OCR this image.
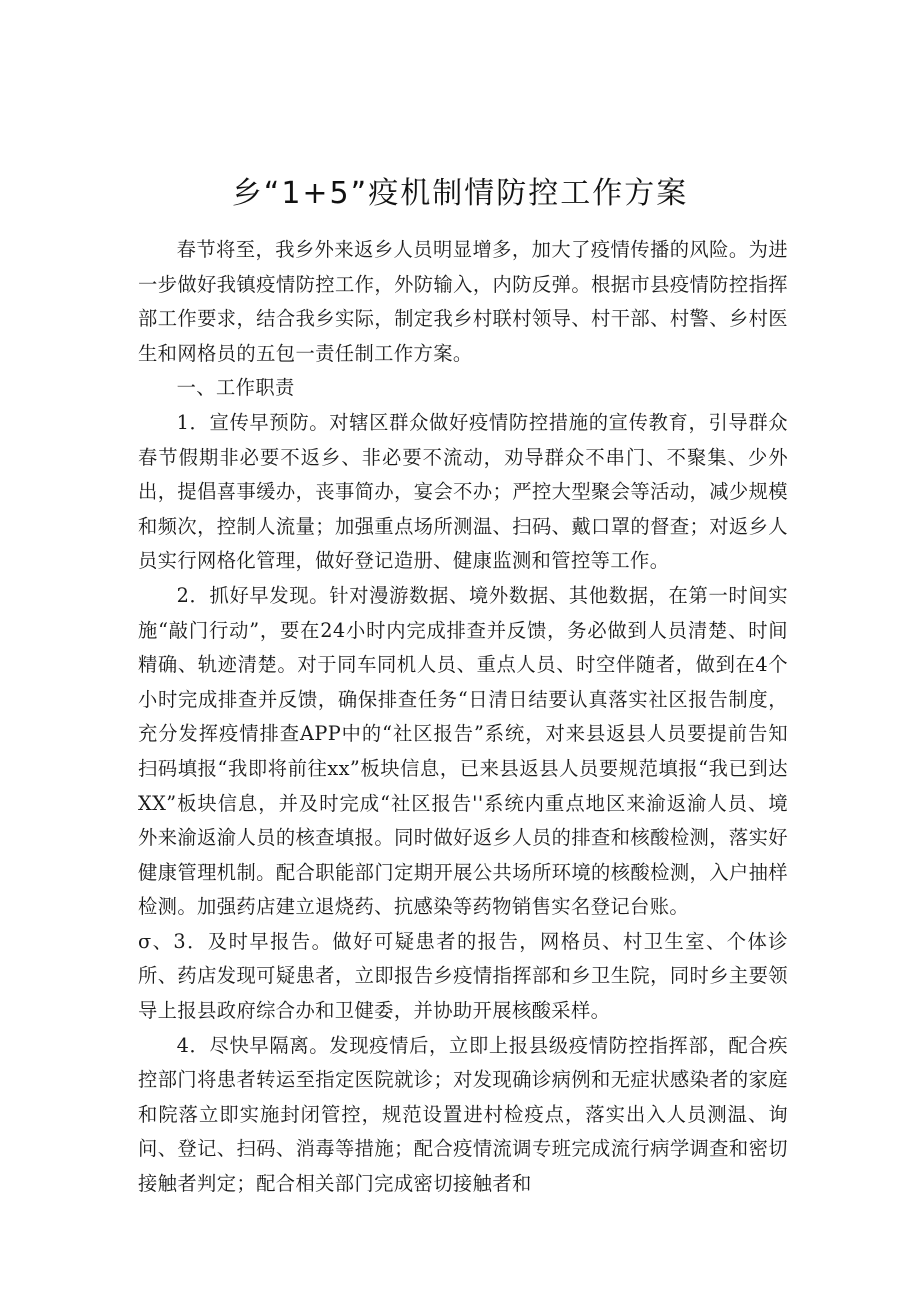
乡“1+5”疫机制情防控工作方案

春节将至，我乡外来返乡人员明显增多，加大了疫情传播的风险。为进一步做好我镇疫情防控工作，外防输入，内防反弹。根据市县疫情防控指挥部工作要求，结合我乡实际，制定我乡村联村领导、村干部、村警、乡村医生和网格员的五包一责任制工作方案。

一、工作职责

1．宣传早预防。对辖区群众做好疫情防控措施的宣传教育，引导群众春节假期非必要不返乡、非必要不流动，劝导群众不串门、不聚集、少外出，提倡喜事缓办，丧事简办，宴会不办；严控大型聚会等活动，减少规模和频次，控制人流量；加强重点场所测温、扫码、戴口罩的督查；对返乡人员实行网格化管理，做好登记造册、健康监测和管控等工作。

2．抓好早发现。针对漫游数据、境外数据、其他数据，在第一时间实施“敲门行动”，要在24小时内完成排查并反馈，务必做到人员清楚、时间精确、轨迹清楚。对于同车同机人员、重点人员、时空伴随者，做到在4个小时完成排查并反馈，确保排查任务“日清日结要认真落实社区报告制度，充分发挥疫情排查APP中的“社区报告”系统，对来县返县人员要提前告知扫码填报“我即将前往xx”板块信息，已来县返县人员要规范填报“我已到达XX”板块信息，并及时完成“社区报告''系统内重点地区来渝返渝人员、境外来渝返渝人员的核查填报。同时做好返乡人员的排查和核酸检测，落实好健康管理机制。配合职能部门定期开展公共场所环境的核酸检测，入户抽样检测。加强药店建立退烧药、抗感染等药物销售实名登记台账。

σ、3．及时早报告。做好可疑患者的报告，网格员、村卫生室、个体诊所、药店发现可疑患者，立即报告乡疫情指挥部和乡卫生院，同时乡主要领导上报县政府综合办和卫健委，并协助开展核酸采样。

4．尽快早隔离。发现疫情后，立即上报县级疫情防控指挥部，配合疾控部门将患者转运至指定医院就诊；对发现确诊病例和无症状感染者的家庭和院落立即实施封闭管控，规范设置进村检疫点，落实出入人员测温、询问、登记、扫码、消毒等措施；配合疫情流调专班完成流行病学调查和密切接触者判定；配合相关部门完成密切接触者和
